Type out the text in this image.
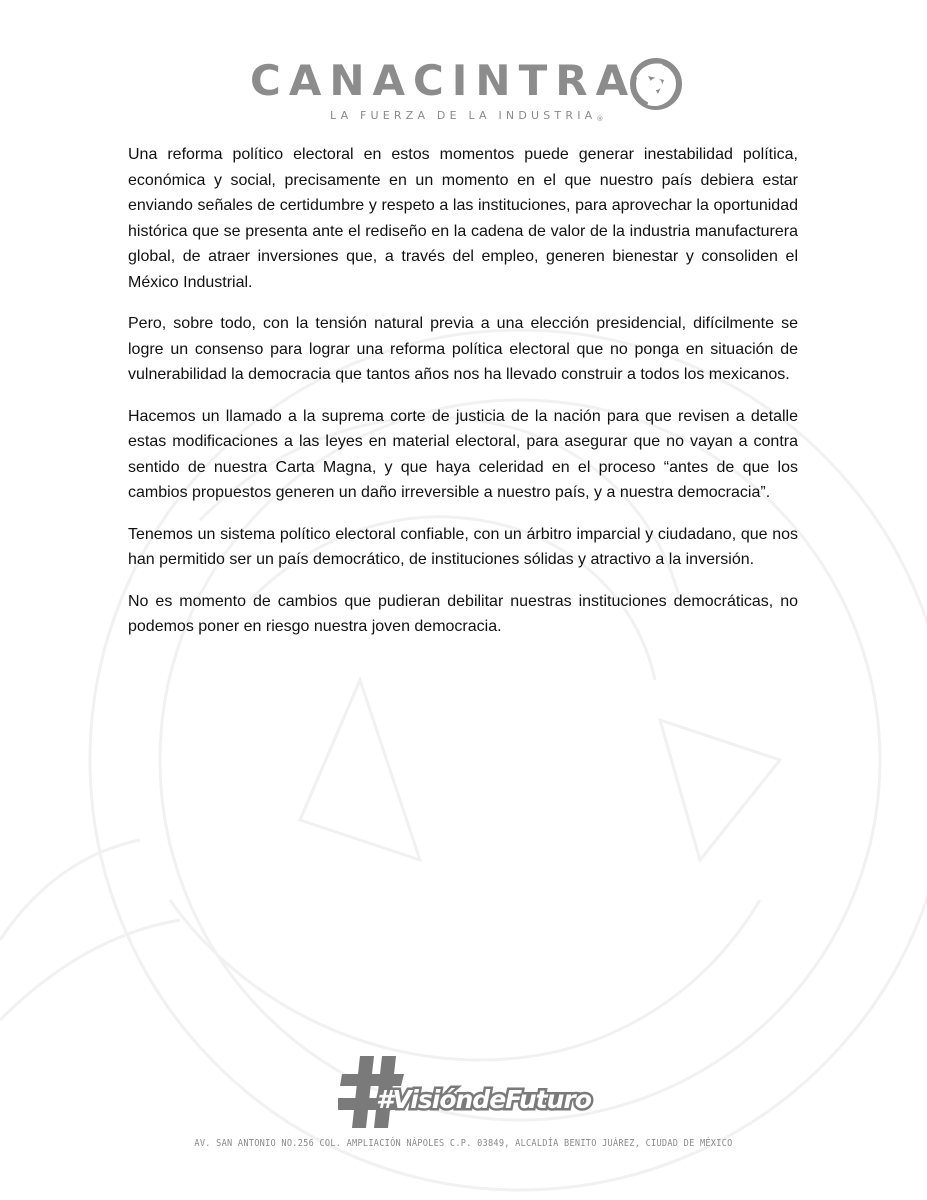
CANACINTRA
LA FUERZA DE LA INDUSTRIA®

Una reforma político electoral en estos momentos puede generar inestabilidad política, económica y social, precisamente en un momento en el que nuestro país debiera estar enviando señales de certidumbre y respeto a las instituciones, para aprovechar la oportunidad histórica que se presenta ante el rediseño en la cadena de valor de la industria manufacturera global, de atraer inversiones que, a través del empleo, generen bienestar y consoliden el México Industrial.

Pero, sobre todo, con la tensión natural previa a una elección presidencial, difícilmente se logre un consenso para lograr una reforma política electoral que no ponga en situación de vulnerabilidad la democracia que tantos años nos ha llevado construir a todos los mexicanos.

Hacemos un llamado a la suprema corte de justicia de la nación para que revisen a detalle estas modificaciones a las leyes en material electoral, para asegurar que no vayan a contra sentido de nuestra Carta Magna, y que haya celeridad en el proceso “antes de que los cambios propuestos generen un daño irreversible a nuestro país, y a nuestra democracia”.

Tenemos un sistema político electoral confiable, con un árbitro imparcial y ciudadano, que nos han permitido ser un país democrático, de instituciones sólidas y atractivo a la inversión.

No es momento de cambios que pudieran debilitar nuestras instituciones democráticas, no podemos poner en riesgo nuestra joven democracia.

#VisióndeFuturo
AV. SAN ANTONIO NO.256 COL. AMPLIACIÓN NÁPOLES C.P. 03849, ALCALDÍA BENITO JUÁREZ, CIUDAD DE MÉXICO
